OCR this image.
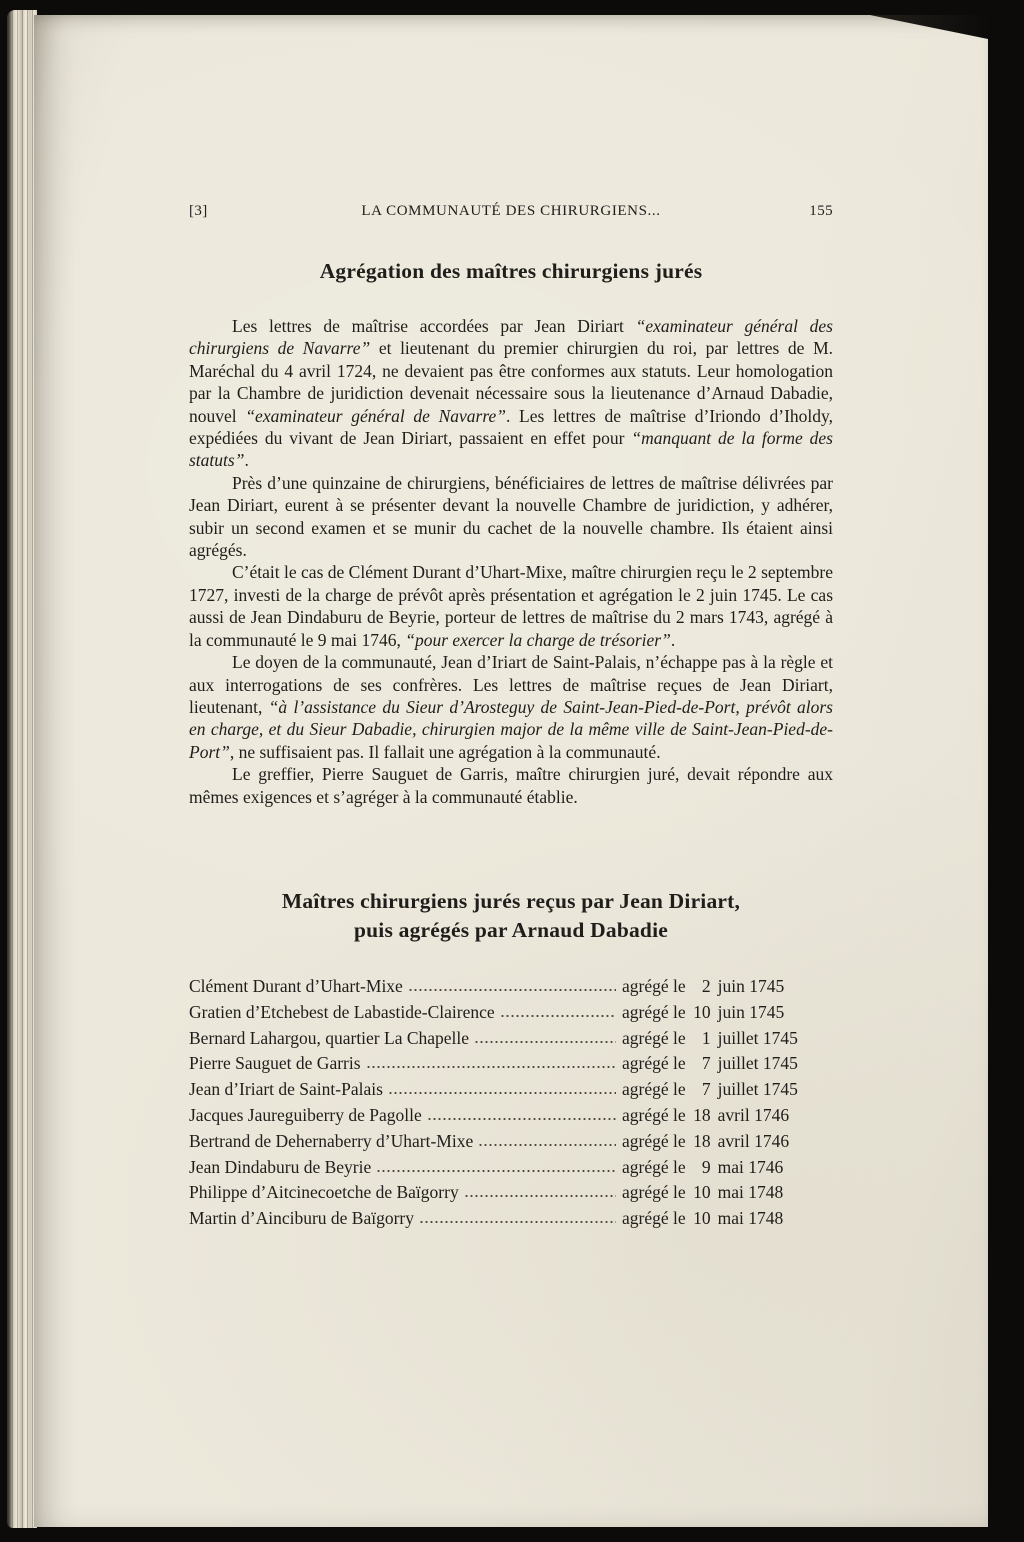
[3]	LA COMMUNAUTÉ DES CHIRURGIENS...	155
Agrégation des maîtres chirurgiens jurés

Les lettres de maîtrise accordées par Jean Diriart “examinateur général des chirurgiens de Navarre” et lieutenant du premier chirurgien du roi, par lettres de M. Maréchal du 4 avril 1724, ne devaient pas être conformes aux statuts. Leur homologation par la Chambre de juridiction devenait nécessaire sous la lieutenance d’Arnaud Dabadie, nouvel “examinateur général de Navarre”. Les lettres de maîtrise d’Iriondo d’Iholdy, expédiées du vivant de Jean Diriart, passaient en effet pour “manquant de la forme des statuts”.

Près d’une quinzaine de chirurgiens, bénéficiaires de lettres de maîtrise délivrées par Jean Diriart, eurent à se présenter devant la nouvelle Chambre de juridiction, y adhérer, subir un second examen et se munir du cachet de la nouvelle chambre. Ils étaient ainsi agrégés.

C’était le cas de Clément Durant d’Uhart-Mixe, maître chirurgien reçu le 2 septembre 1727, investi de la charge de prévôt après présentation et agrégation le 2 juin 1745. Le cas aussi de Jean Dindaburu de Beyrie, porteur de lettres de maîtrise du 2 mars 1743, agrégé à la communauté le 9 mai 1746, “pour exercer la charge de trésorier”.

Le doyen de la communauté, Jean d’Iriart de Saint-Palais, n’échappe pas à la règle et aux interrogations de ses confrères. Les lettres de maîtrise reçues de Jean Diriart, lieutenant, “à l’assistance du Sieur d’Arosteguy de Saint-Jean-Pied-de-Port, prévôt alors en charge, et du Sieur Dabadie, chirurgien major de la même ville de Saint-Jean-Pied-de-Port”, ne suffisaient pas. Il fallait une agrégation à la communauté.

Le greffier, Pierre Sauguet de Garris, maître chirurgien juré, devait répondre aux mêmes exigences et s’agréger à la communauté établie.

Maîtres chirurgiens jurés reçus par Jean Diriart,
puis agrégés par Arnaud Dabadie
Clément Durant d’Uhart-Mixe	agrégé le 2 juin 1745
Gratien d’Etchebest de Labastide-Clairence	agrégé le 10 juin 1745
Bernard Lahargou, quartier La Chapelle	agrégé le 1 juillet 1745
Pierre Sauguet de Garris	agrégé le 7 juillet 1745
Jean d’Iriart de Saint-Palais	agrégé le 7 juillet 1745
Jacques Jaureguiberry de Pagolle	agrégé le 18 avril 1746
Bertrand de Dehernaberry d’Uhart-Mixe	agrégé le 18 avril 1746
Jean Dindaburu de Beyrie	agrégé le 9 mai 1746
Philippe d’Aitcinecoetche de Baïgorry	agrégé le 10 mai 1748
Martin d’Ainciburu de Baïgorry	agrégé le 10 mai 1748
